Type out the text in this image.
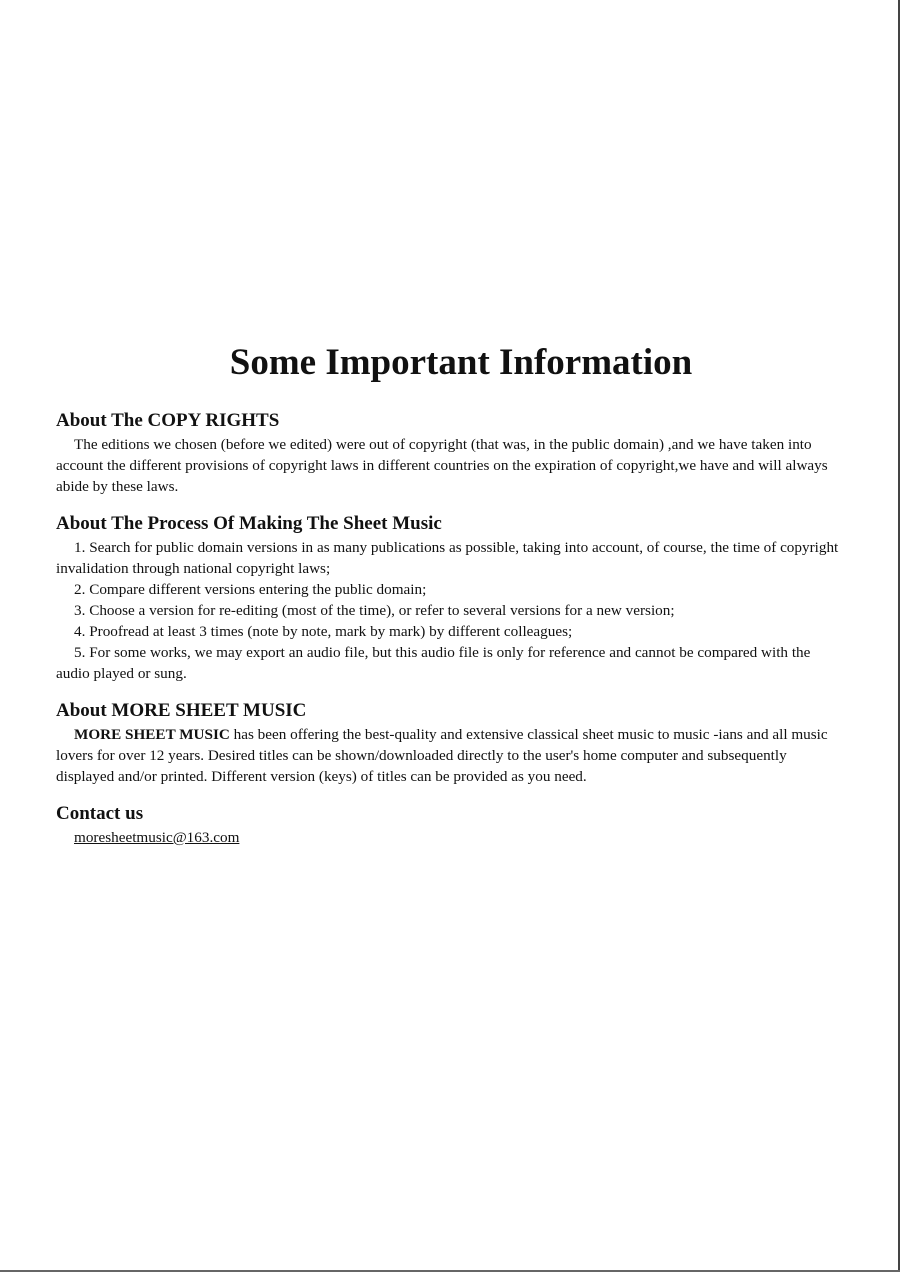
Some Important Information
About The COPY RIGHTS

The editions we chosen (before we edited) were out of copyright (that was, in the public domain) ,and we have taken into account the different provisions of copyright laws in different countries on the expiration of copyright,we have and will always abide by these laws.

About The Process Of Making The Sheet Music

1. Search for public domain versions in as many publications as possible, taking into account, of course, the time of copyright invalidation through national copyright laws;

2. Compare different versions entering the public domain;

3. Choose a version for re-editing (most of the time), or refer to several versions for a new version;

4. Proofread at least 3 times (note by note, mark by mark) by different colleagues;

5. For some works, we may export an audio file, but this audio file is only for reference and cannot be compared with the audio played or sung.

About MORE SHEET MUSIC

MORE SHEET MUSIC has been offering the best-quality and extensive classical sheet music to music -ians and all music lovers for over 12 years. Desired titles can be shown/downloaded directly to the user's home computer and subsequently displayed and/or printed. Different version (keys) of titles can be provided as you need.

Contact us
moresheetmusic@163.com
